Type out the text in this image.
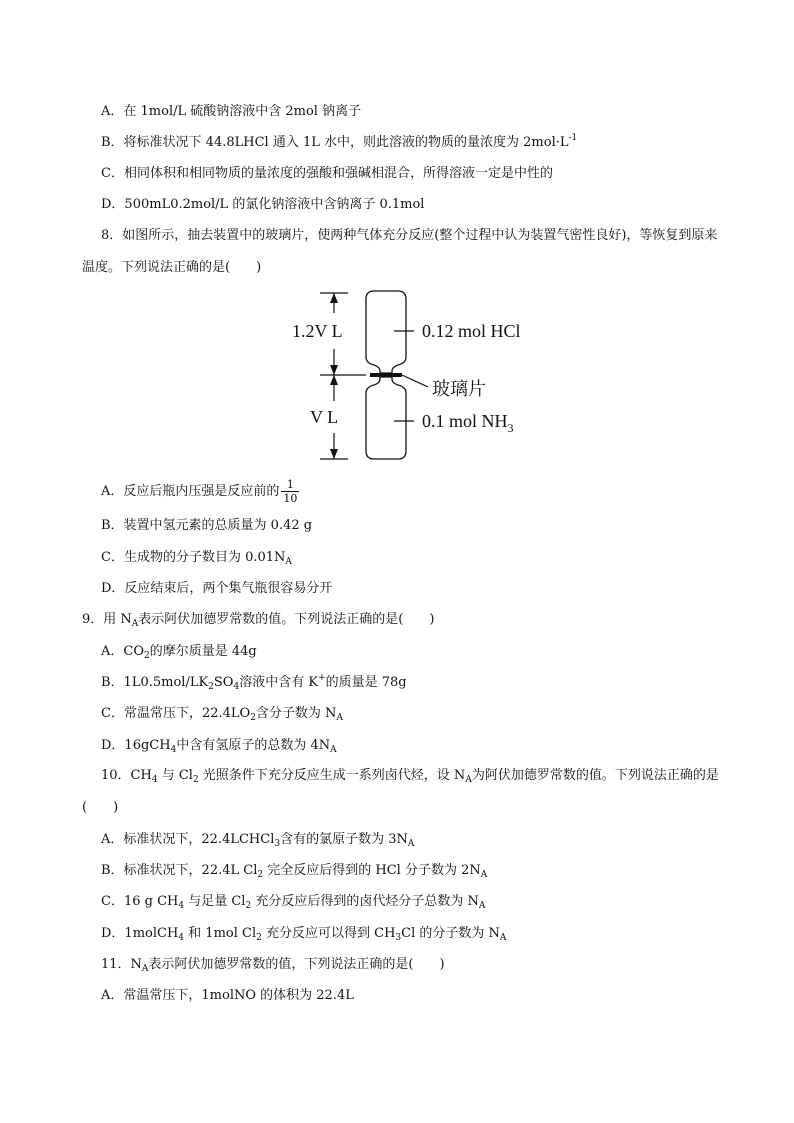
A．在 1mol/L 硫酸钠溶液中含 2mol 钠离子
B．将标准状况下 44.8LHCl 通入 1L 水中，则此溶液的物质的量浓度为 $2mol\cdot L^{-1}$
C．相同体积和相同物质的量浓度的强酸和强碱相混合，所得溶液一定是中性的
D．500mL0.2mol/L 的氯化钠溶液中含钠离子 0.1mol
8．如图所示，抽去装置中的玻璃片，使两种气体充分反应(整个过程中认为装置气密性良好)，等恢复到原来温度。下列说法正确的是(　　)
1.2V L
V L
0.12 mol HCl
玻璃片
0.1 mol $NH_3$
A．反应后瓶内压强是反应前的 $\frac{1}{10}$
B．装置中氢元素的总质量为 0.42 g
C．生成物的分子数目为 $0.01N_A$
D．反应结束后，两个集气瓶很容易分开
9．用 $N_A$表示阿伏加德罗常数的值。下列说法正确的是(　　)
A．$CO_2$的摩尔质量是 44g
B．$1L0.5mol/LK_2SO_4$溶液中含有 K+的质量是 78g
C．常温常压下，$22.4LO_2$含分子数为 $N_A$
D．16gCH$_4$中含有氢原子的总数为 $4N_A$
10．$CH_4$ 与 $Cl_2$ 光照条件下充分反应生成一系列卤代烃，设 $N_A$为阿伏加德罗常数的值。下列说法正确的是(　　)
A．标准状况下，22.4LCHCl$_3$含有的氯原子数为 $3N_A$
B．标准状况下，22.4L $Cl_2$ 完全反应后得到的 HCl 分子数为 $2N_A$
C．16 g $CH_4$ 与足量 $Cl_2$ 充分反应后得到的卤代烃分子总数为 $N_A$
D．1molCH$_4$ 和 1mol $Cl_2$ 充分反应可以得到 $CH_3Cl$ 的分子数为 $N_A$
11．$N_A$表示阿伏加德罗常数的值，下列说法正确的是(　　)
A．常温常压下，1molNO 的体积为 22.4L
